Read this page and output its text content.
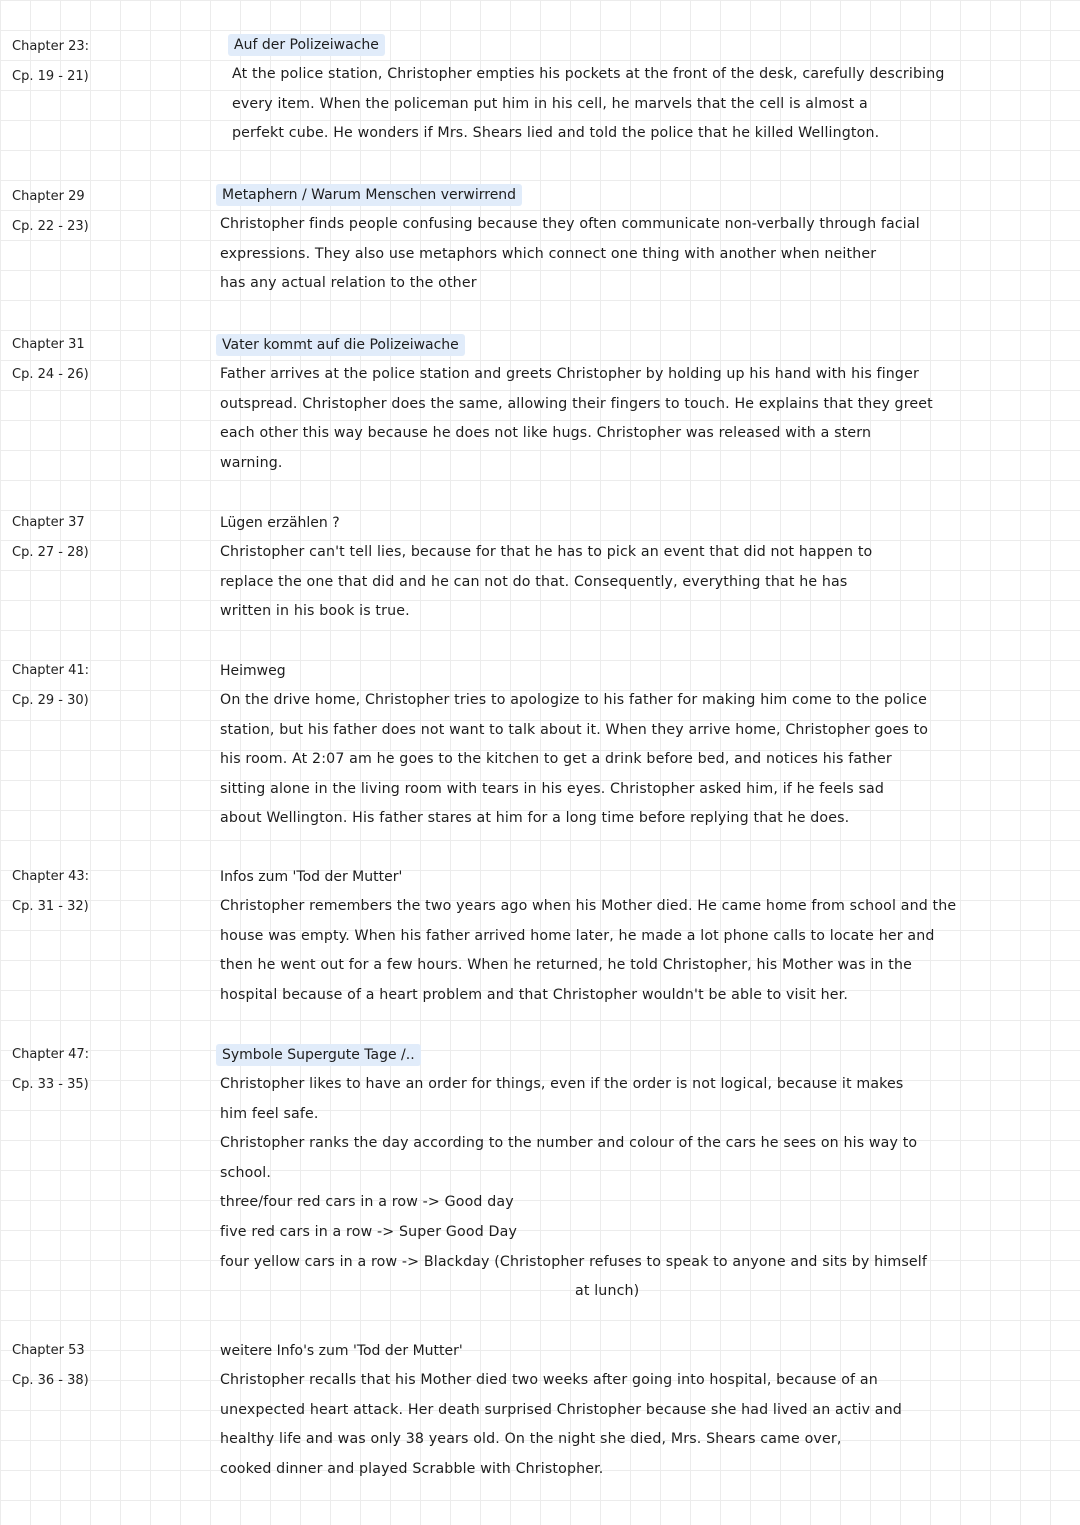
Chapter 23:
Cp. 19 - 21)
Auf der Polizeiwache

At the police station, Christopher empties his pockets at the front of the desk, carefully describing
every item. When the policeman put him in his cell, he marvels that the cell is almost a
perfekt cube. He wonders if Mrs. Shears lied and told the police that he killed Wellington.

Chapter 29
Cp. 22 - 23)
Metaphern / Warum Menschen verwirrend

Christopher finds people confusing because they often communicate non-verbally through facial
expressions. They also use metaphors which connect one thing with another when neither
has any actual relation to the other

Chapter 31
Cp. 24 - 26)
Vater kommt auf die Polizeiwache

Father arrives at the police station and greets Christopher by holding up his hand with his finger
outspread. Christopher does the same, allowing their fingers to touch. He explains that they greet
each other this way because he does not like hugs. Christopher was released with a stern
warning.

Chapter 37
Cp. 27 - 28)
Lügen erzählen ?

Christopher can't tell lies, because for that he has to pick an event that did not happen to
replace the one that did and he can not do that. Consequently, everything that he has
written in his book is true.

Chapter 41:
Cp. 29 - 30)
Heimweg

On the drive home, Christopher tries to apologize to his father for making him come to the police
station, but his father does not want to talk about it. When they arrive home, Christopher goes to
his room. At 2:07 am he goes to the kitchen to get a drink before bed, and notices his father
sitting alone in the living room with tears in his eyes. Christopher asked him, if he feels sad
about Wellington. His father stares at him for a long time before replying that he does.

Chapter 43:
Cp. 31 - 32)
Infos zum 'Tod der Mutter'

Christopher remembers the two years ago when his Mother died. He came home from school and the
house was empty. When his father arrived home later, he made a lot phone calls to locate her and
then he went out for a few hours. When he returned, he told Christopher, his Mother was in the
hospital because of a heart problem and that Christopher wouldn't be able to visit her.

Chapter 47:
Cp. 33 - 35)
Symbole Supergute Tage /..

Christopher likes to have an order for things, even if the order is not logical, because it makes
him feel safe.
Christopher ranks the day according to the number and colour of the cars he sees on his way to
school.
three/four red cars in a row -> Good day
five red cars in a row -> Super Good Day
four yellow cars in a row -> Blackday (Christopher refuses to speak to anyone and sits by himself
at lunch)

Chapter 53
Cp. 36 - 38)
weitere Info's zum 'Tod der Mutter'

Christopher recalls that his Mother died two weeks after going into hospital, because of an
unexpected heart attack. Her death surprised Christopher because she had lived an activ and
healthy life and was only 38 years old. On the night she died, Mrs. Shears came over,
cooked dinner and played Scrabble with Christopher.
